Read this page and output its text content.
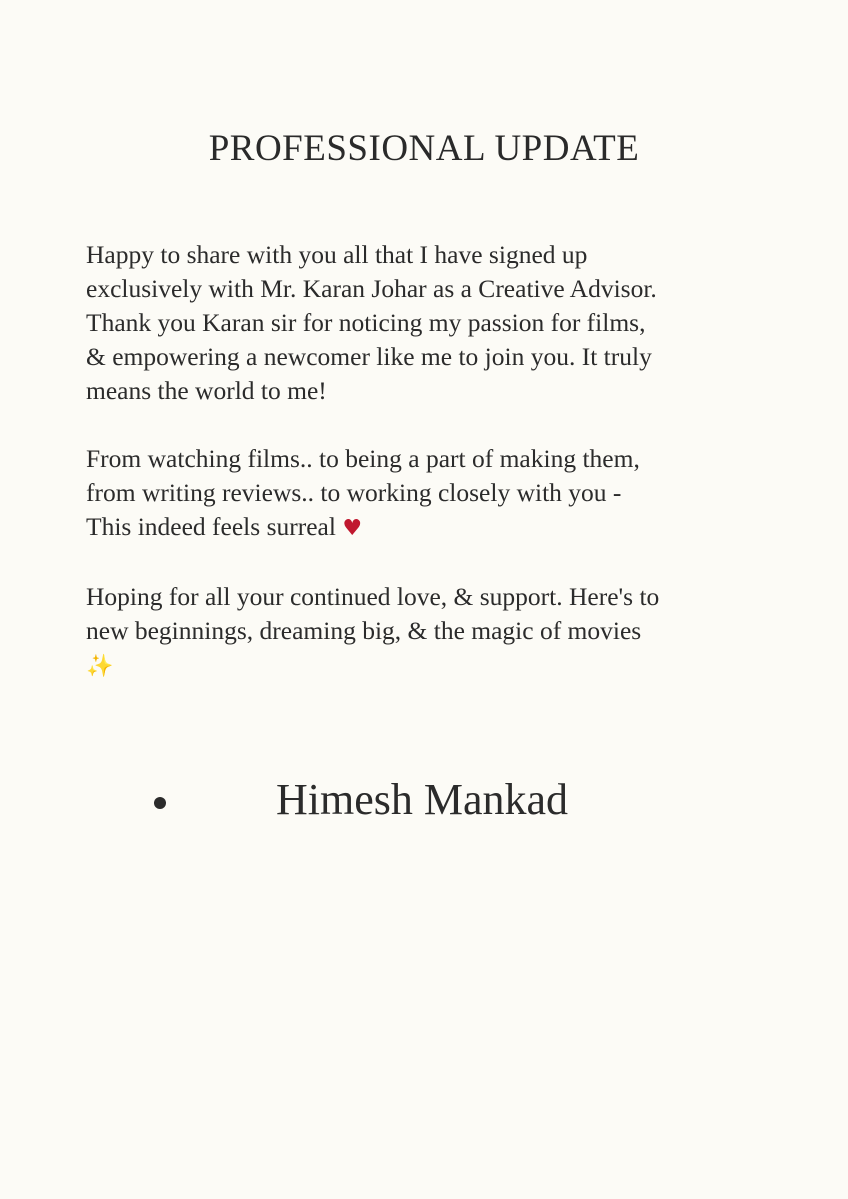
PROFESSIONAL UPDATE

Happy to share with you all that I have signed up
exclusively with Mr. Karan Johar as a Creative Advisor.
Thank you Karan sir for noticing my passion for films,
& empowering a newcomer like me to join you. It truly
means the world to me!

From watching films.. to being a part of making them,
from writing reviews.. to working closely with you -
This indeed feels surreal ♥

Hoping for all your continued love, & support. Here's to
new beginnings, dreaming big, & the magic of movies
✨

Himesh Mankad
